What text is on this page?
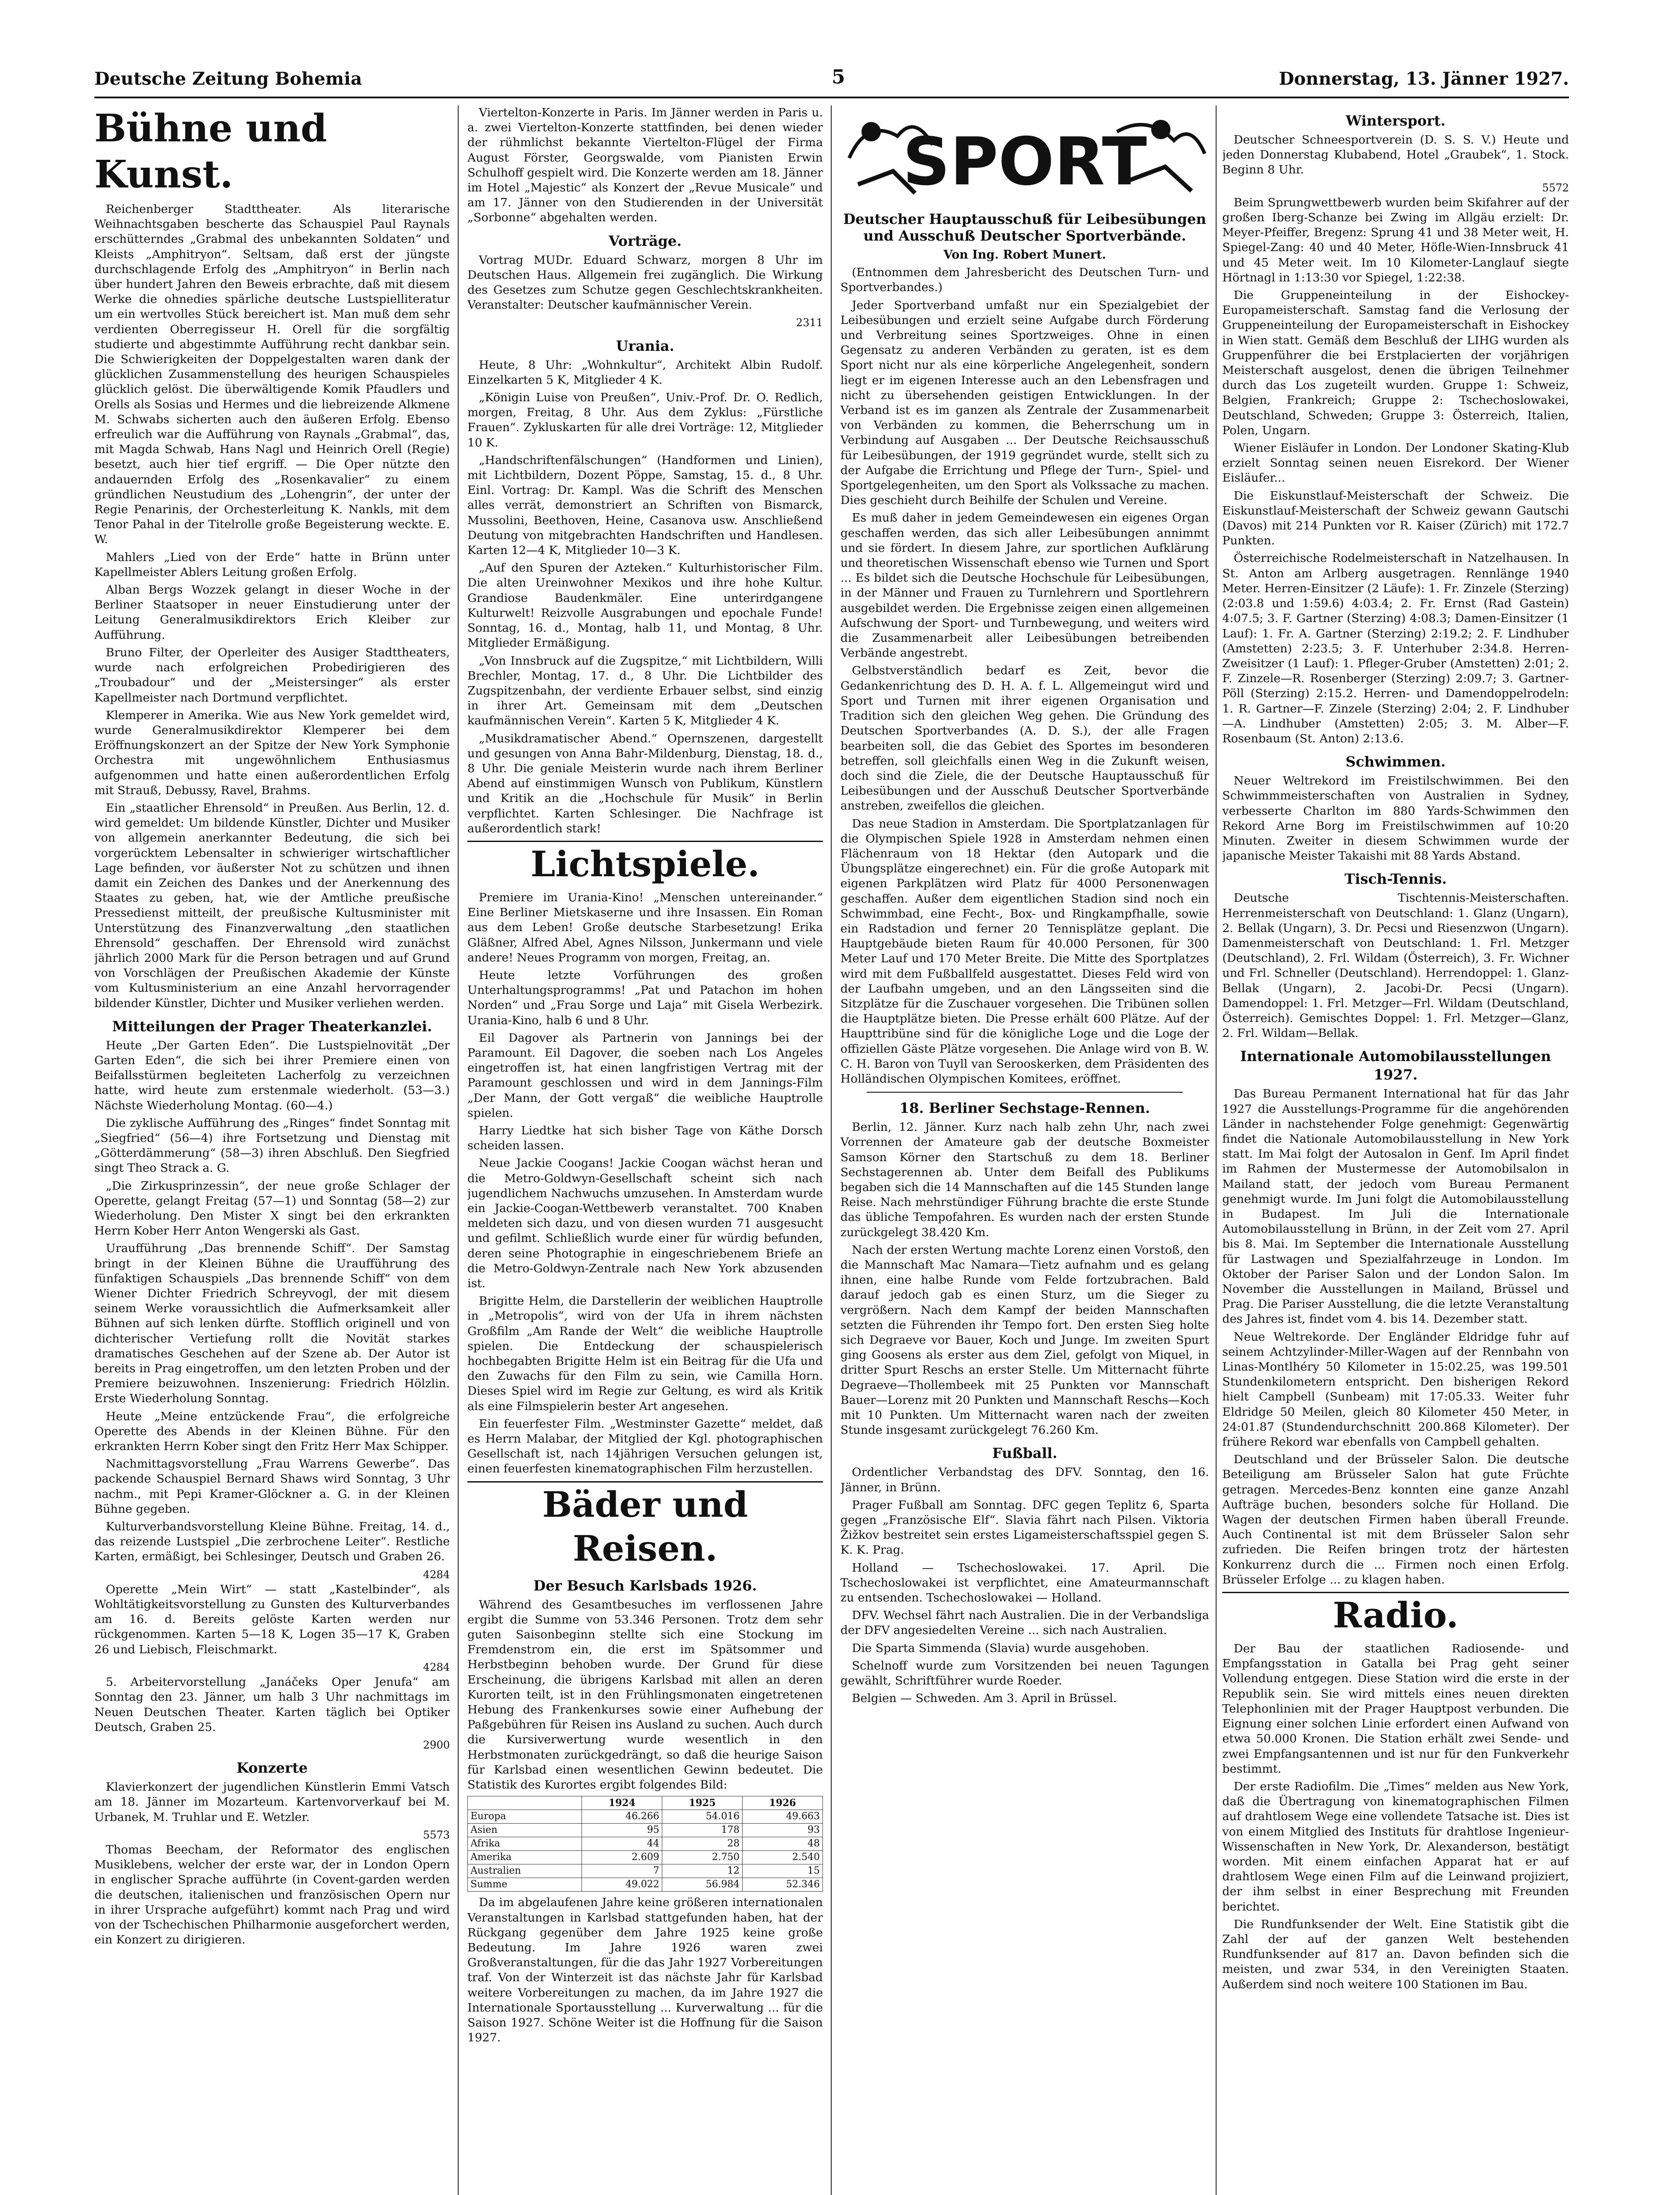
Deutsche Zeitung Bohemia	5	Donnerstag, 13. Jänner 1927.
Bühne und Kunst.

Reichenberger Stadttheater. Als literarische Weihnachtsgaben bescherte das Schauspiel Paul Raynals erschütterndes „Grabmal des unbekannten Soldaten“ und Kleists „Amphitryon“. Seltsam, daß erst der jüngste durchschlagende Erfolg des „Amphitryon“ in Berlin nach über hundert Jahren den Beweis erbrachte, daß mit diesem Werke die ohnedies spärliche deutsche Lustspielliteratur um ein wertvolles Stück bereichert ist. Man muß dem sehr verdienten Oberregisseur H. Orell für die sorgfältig studierte und abgestimmte Aufführung recht dankbar sein. Die Schwierigkeiten der Doppelgestalten waren dank der glücklichen Zusammenstellung des heurigen Schauspieles glücklich gelöst. Die überwältigende Komik Pfaudlers und Orells als Sosias und Hermes und die liebreizende Alkmene M. Schwabs sicherten auch den äußeren Erfolg. Ebenso erfreulich war die Aufführung von Raynals „Grabmal“, das, mit Magda Schwab, Hans Nagl und Heinrich Orell (Regie) besetzt, auch hier tief ergriff. — Die Oper nützte den andauernden Erfolg des „Rosenkavalier“ zu einem gründlichen Neustudium des „Lohengrin“, der unter der Regie Penarinis, der Orchesterleitung K. Nankls, mit dem Tenor Pahal in der Titelrolle große Begeisterung weckte. E. W.

Mahlers „Lied von der Erde“ hatte in Brünn unter Kapellmeister Ablers Leitung großen Erfolg.

Alban Bergs Wozzek gelangt in dieser Woche in der Berliner Staatsoper in neuer Einstudierung unter der Leitung Generalmusikdirektors Erich Kleiber zur Aufführung.

Bruno Filter, der Operleiter des Ausiger Stadttheaters, wurde nach erfolgreichen Probedirigieren des „Troubadour“ und der „Meistersinger“ als erster Kapellmeister nach Dortmund verpflichtet.

Klemperer in Amerika. Wie aus New York gemeldet wird, wurde Generalmusikdirektor Klemperer bei dem Eröffnungskonzert an der Spitze der New York Symphonie Orchestra mit ungewöhnlichem Enthusiasmus aufgenommen und hatte einen außerordentlichen Erfolg mit Strauß, Debussy, Ravel, Brahms.

Ein „staatlicher Ehrensold“ in Preußen. Aus Berlin, 12. d. wird gemeldet: Um bildende Künstler, Dichter und Musiker von allgemein anerkannter Bedeutung, die sich bei vorgerücktem Lebensalter in schwieriger wirtschaftlicher Lage befinden, vor äußerster Not zu schützen und ihnen damit ein Zeichen des Dankes und der Anerkennung des Staates zu geben, hat, wie der Amtliche preußische Pressedienst mitteilt, der preußische Kultusminister mit Unterstützung des Finanzverwaltung „den staatlichen Ehrensold“ geschaffen. Der Ehrensold wird zunächst jährlich 2000 Mark für die Person betragen und auf Grund von Vorschlägen der Preußischen Akademie der Künste vom Kultusministerium an eine Anzahl hervorragender bildender Künstler, Dichter und Musiker verliehen werden.

Mitteilungen der Prager Theaterkanzlei.

Heute „Der Garten Eden“. Die Lustspielnovität „Der Garten Eden“, die sich bei ihrer Premiere einen von Beifallsstürmen begleiteten Lacherfolg zu verzeichnen hatte, wird heute zum erstenmale wiederholt. (53—3.) Nächste Wiederholung Montag. (60—4.)

Die zyklische Aufführung des „Ringes“ findet Sonntag mit „Siegfried“ (56—4) ihre Fortsetzung und Dienstag mit „Götterdämmerung“ (58—3) ihren Abschluß. Den Siegfried singt Theo Strack a. G.

„Die Zirkusprinzessin“, der neue große Schlager der Operette, gelangt Freitag (57—1) und Sonntag (58—2) zur Wiederholung. Den Mister X singt bei den erkrankten Herrn Kober Herr Anton Wengerski als Gast.

Uraufführung „Das brennende Schiff“. Der Samstag bringt in der Kleinen Bühne die Uraufführung des fünfaktigen Schauspiels „Das brennende Schiff“ von dem Wiener Dichter Friedrich Schreyvogl, der mit diesem seinem Werke voraussichtlich die Aufmerksamkeit aller Bühnen auf sich lenken dürfte. Stofflich originell und von dichterischer Vertiefung rollt die Novität starkes dramatisches Geschehen auf der Szene ab. Der Autor ist bereits in Prag eingetroffen, um den letzten Proben und der Premiere beizuwohnen. Inszenierung: Friedrich Hölzlin. Erste Wiederholung Sonntag.

Heute „Meine entzückende Frau“, die erfolgreiche Operette des Abends in der Kleinen Bühne. Für den erkrankten Herrn Kober singt den Fritz Herr Max Schipper.

Nachmittagsvorstellung „Frau Warrens Gewerbe“. Das packende Schauspiel Bernard Shaws wird Sonntag, 3 Uhr nachm., mit Pepi Kramer-Glöckner a. G. in der Kleinen Bühne gegeben.

Kulturverbandsvorstellung Kleine Bühne. Freitag, 14. d., das reizende Lustspiel „Die zerbrochene Leiter“. Restliche Karten, ermäßigt, bei Schlesinger, Deutsch und Graben 26.

4284

Operette „Mein Wirt“ — statt „Kastelbinder“, als Wohltätigkeitsvorstellung zu Gunsten des Kulturverbandes am 16. d. Bereits gelöste Karten werden nur rückgenommen. Karten 5—18 K, Logen 35—17 K, Graben 26 und Liebisch, Fleischmarkt.

4284

5. Arbeitervorstellung „Janáčeks Oper Jenufa“ am Sonntag den 23. Jänner, um halb 3 Uhr nachmittags im Neuen Deutschen Theater. Karten täglich bei Optiker Deutsch, Graben 25.

2900
Konzerte

Klavierkonzert der jugendlichen Künstlerin Emmi Vatsch am 18. Jänner im Mozarteum. Kartenvorverkauf bei M. Urbanek, M. Truhlar und E. Wetzler.

5573

Thomas Beecham, der Reformator des englischen Musiklebens, welcher der erste war, der in London Opern in englischer Sprache aufführte (in Covent-garden werden die deutschen, italienischen und französischen Opern nur in ihrer Ursprache aufgeführt) kommt nach Prag und wird von der Tschechischen Philharmonie ausgeforchert werden, ein Konzert zu dirigieren.

Viertelton-Konzerte in Paris. Im Jänner werden in Paris u. a. zwei Viertelton-Konzerte stattfinden, bei denen wieder der rühmlichst bekannte Viertelton-Flügel der Firma August Förster, Georgswalde, vom Pianisten Erwin Schulhoff gespielt wird. Die Konzerte werden am 18. Jänner im Hotel „Majestic“ als Konzert der „Revue Musicale“ und am 17. Jänner von den Studierenden in der Universität „Sorbonne“ abgehalten werden.

Vorträge.

Vortrag MUDr. Eduard Schwarz, morgen 8 Uhr im Deutschen Haus. Allgemein frei zugänglich. Die Wirkung des Gesetzes zum Schutze gegen Geschlechtskrankheiten. Veranstalter: Deutscher kaufmännischer Verein.

2311
Urania.

Heute, 8 Uhr: „Wohnkultur“, Architekt Albin Rudolf. Einzelkarten 5 K, Mitglieder 4 K.

„Königin Luise von Preußen“, Univ.-Prof. Dr. O. Redlich, morgen, Freitag, 8 Uhr. Aus dem Zyklus: „Fürstliche Frauen“. Zykluskarten für alle drei Vorträge: 12, Mitglieder 10 K.

„Handschriftenfälschungen“ (Handformen und Linien), mit Lichtbildern, Dozent Pöppe, Samstag, 15. d., 8 Uhr. Einl. Vortrag: Dr. Kampl. Was die Schrift des Menschen alles verrät, demonstriert an Schriften von Bismarck, Mussolini, Beethoven, Heine, Casanova usw. Anschließend Deutung von mitgebrachten Handschriften und Handlesen. Karten 12—4 K, Mitglieder 10—3 K.

„Auf den Spuren der Azteken.“ Kulturhistorischer Film. Die alten Ureinwohner Mexikos und ihre hohe Kultur. Grandiose Baudenkmäler. Eine unterirdgangene Kulturwelt! Reizvolle Ausgrabungen und epochale Funde! Sonntag, 16. d., Montag, halb 11, und Montag, 8 Uhr. Mitglieder Ermäßigung.

„Von Innsbruck auf die Zugspitze,“ mit Lichtbildern, Willi Brechler, Montag, 17. d., 8 Uhr. Die Lichtbilder des Zugspitzenbahn, der verdiente Erbauer selbst, sind einzig in ihrer Art. Gemeinsam mit dem „Deutschen kaufmännischen Verein“. Karten 5 K, Mitglieder 4 K.

„Musikdramatischer Abend.“ Opernszenen, dargestellt und gesungen von Anna Bahr-Mildenburg, Dienstag, 18. d., 8 Uhr. Die geniale Meisterin wurde nach ihrem Berliner Abend auf einstimmigen Wunsch von Publikum, Künstlern und Kritik an die „Hochschule für Musik“ in Berlin verpflichtet. Karten Schlesinger. Die Nachfrage ist außerordentlich stark!

Lichtspiele.

Premiere im Urania-Kino! „Menschen untereinander.“ Eine Berliner Mietskaserne und ihre Insassen. Ein Roman aus dem Leben! Große deutsche Starbesetzung! Erika Gläßner, Alfred Abel, Agnes Nilsson, Junkermann und viele andere! Neues Programm von morgen, Freitag, an.

Heute letzte Vorführungen des großen Unterhaltungsprogramms! „Pat und Patachon im hohen Norden“ und „Frau Sorge und Laja“ mit Gisela Werbezirk. Urania-Kino, halb 6 und 8 Uhr.

Eil Dagover als Partnerin von Jannings bei der Paramount. Eil Dagover, die soeben nach Los Angeles eingetroffen ist, hat einen langfristigen Vertrag mit der Paramount geschlossen und wird in dem Jannings-Film „Der Mann, der Gott vergaß“ die weibliche Hauptrolle spielen.

Harry Liedtke hat sich bisher Tage von Käthe Dorsch scheiden lassen.

Neue Jackie Coogans! Jackie Coogan wächst heran und die Metro-Goldwyn-Gesellschaft scheint sich nach jugendlichem Nachwuchs umzusehen. In Amsterdam wurde ein Jackie-Coogan-Wettbewerb veranstaltet. 700 Knaben meldeten sich dazu, und von diesen wurden 71 ausgesucht und gefilmt. Schließlich wurde einer für würdig befunden, deren seine Photographie in eingeschriebenem Briefe an die Metro-Goldwyn-Zentrale nach New York abzusenden ist.

Brigitte Helm, die Darstellerin der weiblichen Hauptrolle in „Metropolis“, wird von der Ufa in ihrem nächsten Großfilm „Am Rande der Welt“ die weibliche Hauptrolle spielen. Die Entdeckung der schauspielerisch hochbegabten Brigitte Helm ist ein Beitrag für die Ufa und den Zuwachs für den Film zu sein, wie Camilla Horn. Dieses Spiel wird im Regie zur Geltung, es wird als Kritik als eine Filmspielerin bester Art angesehen.

Ein feuerfester Film. „Westminster Gazette“ meldet, daß es Herrn Malabar, der Mitglied der Kgl. photographischen Gesellschaft ist, nach 14jährigen Versuchen gelungen ist, einen feuerfesten kinematographischen Film herzustellen.

Bäder und Reisen.
Der Besuch Karlsbads 1926.

Während des Gesamtbesuches im verflossenen Jahre ergibt die Summe von 53.346 Personen. Trotz dem sehr guten Saisonbeginn stellte sich eine Stockung im Fremdenstrom ein, die erst im Spätsommer und Herbstbeginn behoben wurde. Der Grund für diese Erscheinung, die übrigens Karlsbad mit allen an deren Kurorten teilt, ist in den Frühlingsmonaten eingetretenen Hebung des Frankenkurses sowie einer Aufhebung der Paßgebühren für Reisen ins Ausland zu suchen. Auch durch die Kursiverwertung wurde wesentlich in den Herbstmonaten zurückgedrängt, so daß die heurige Saison für Karlsbad einen wesentlichen Gewinn bedeutet. Die Statistik des Kurortes ergibt folgendes Bild:

	1924	1925	1926
Europa	46.266	54.016	49.663
Asien	95	178	93
Afrika	44	28	48
Amerika	2.609	2.750	2.540
Australien	7	12	15
Summe	49.022	56.984	52.346

Da im abgelaufenen Jahre keine größeren internationalen Veranstaltungen in Karlsbad stattgefunden haben, hat der Rückgang gegenüber dem Jahre 1925 keine große Bedeutung. Im Jahre 1926 waren zwei Großveranstaltungen, für die das Jahr 1927 Vorbereitungen traf. Von der Winterzeit ist das nächste Jahr für Karlsbad weitere Vorbereitungen zu machen, da im Jahre 1927 die Internationale Sportausstellung ... Kurverwaltung ... für die Saison 1927. Schöne Weiter ist die Hoffnung für die Saison 1927.

SPORT
Deutscher Hauptausschuß für Leibesübungen und Ausschuß Deutscher Sportverbände.
Von Ing. Robert Munert.

(Entnommen dem Jahresbericht des Deutschen Turn- und Sportverbandes.)

Jeder Sportverband umfaßt nur ein Spezialgebiet der Leibesübungen und erzielt seine Aufgabe durch Förderung und Verbreitung seines Sportzweiges. Ohne in einen Gegensatz zu anderen Verbänden zu geraten, ist es dem Sport nicht nur als eine körperliche Angelegenheit, sondern liegt er im eigenen Interesse auch an den Lebensfragen und nicht zu übersehenden geistigen Entwicklungen. In der Verband ist es im ganzen als Zentrale der Zusammenarbeit von Verbänden zu kommen, die Beherrschung um in Verbindung auf Ausgaben ... Der Deutsche Reichsausschuß für Leibesübungen, der 1919 gegründet wurde, stellt sich zu der Aufgabe die Errichtung und Pflege der Turn-, Spiel- und Sportgelegenheiten, um den Sport als Volkssache zu machen. Dies geschieht durch Beihilfe der Schulen und Vereine.

Es muß daher in jedem Gemeindewesen ein eigenes Organ geschaffen werden, das sich aller Leibesübungen annimmt und sie fördert. In diesem Jahre, zur sportlichen Aufklärung und theoretischen Wissenschaft ebenso wie Turnen und Sport ... Es bildet sich die Deutsche Hochschule für Leibesübungen, in der Männer und Frauen zu Turnlehrern und Sportlehrern ausgebildet werden. Die Ergebnisse zeigen einen allgemeinen Aufschwung der Sport- und Turnbewegung, und weiters wird die Zusammenarbeit aller Leibesübungen betreibenden Verbände angestrebt.

Gelbstverständlich bedarf es Zeit, bevor die Gedankenrichtung des D. H. A. f. L. Allgemeingut wird und Sport und Turnen mit ihrer eigenen Organisation und Tradition sich den gleichen Weg gehen. Die Gründung des Deutschen Sportverbandes (A. D. S.), der alle Fragen bearbeiten soll, die das Gebiet des Sportes im besonderen betreffen, soll gleichfalls einen Weg in die Zukunft weisen, doch sind die Ziele, die der Deutsche Hauptausschuß für Leibesübungen und der Ausschuß Deutscher Sportverbände anstreben, zweifellos die gleichen.

Das neue Stadion in Amsterdam. Die Sportplatzanlagen für die Olympischen Spiele 1928 in Amsterdam nehmen einen Flächenraum von 18 Hektar (den Autopark und die Übungsplätze eingerechnet) ein. Für die große Autopark mit eigenen Parkplätzen wird Platz für 4000 Personenwagen geschaffen. Außer dem eigentlichen Stadion sind noch ein Schwimmbad, eine Fecht-, Box- und Ringkampfhalle, sowie ein Radstadion und ferner 20 Tennisplätze geplant. Die Hauptgebäude bieten Raum für 40.000 Personen, für 300 Meter Lauf und 170 Meter Breite. Die Mitte des Sportplatzes wird mit dem Fußballfeld ausgestattet. Dieses Feld wird von der Laufbahn umgeben, und an den Längsseiten sind die Sitzplätze für die Zuschauer vorgesehen. Die Tribünen sollen die Hauptplätze bieten. Die Presse erhält 600 Plätze. Auf der Haupttribüne sind für die königliche Loge und die Loge der offiziellen Gäste Plätze vorgesehen. Die Anlage wird von B. W. C. H. Baron von Tuyll van Serooskerken, dem Präsidenten des Holländischen Olympischen Komitees, eröffnet.

18. Berliner Sechstage-Rennen.

Berlin, 12. Jänner. Kurz nach halb zehn Uhr, nach zwei Vorrennen der Amateure gab der deutsche Boxmeister Samson Körner den Startschuß zu dem 18. Berliner Sechstagerennen ab. Unter dem Beifall des Publikums begaben sich die 14 Mannschaften auf die 145 Stunden lange Reise. Nach mehrstündiger Führung brachte die erste Stunde das übliche Tempofahren. Es wurden nach der ersten Stunde zurückgelegt 38.420 Km.

Nach der ersten Wertung machte Lorenz einen Vorstoß, den die Mannschaft Mac Namara—Tietz aufnahm und es gelang ihnen, eine halbe Runde vom Felde fortzubrachen. Bald darauf jedoch gab es einen Sturz, um die Sieger zu vergrößern. Nach dem Kampf der beiden Mannschaften setzten die Führenden ihr Tempo fort. Den ersten Sieg holte sich Degraeve vor Bauer, Koch und Junge. Im zweiten Spurt ging Goosens als erster aus dem Ziel, gefolgt von Miquel, in dritter Spurt Reschs an erster Stelle. Um Mitternacht führte Degraeve—Thollembeek mit 25 Punkten vor Mannschaft Bauer—Lorenz mit 20 Punkten und Mannschaft Reschs—Koch mit 10 Punkten. Um Mitternacht waren nach der zweiten Stunde insgesamt zurückgelegt 76.260 Km.

Fußball.

Ordentlicher Verbandstag des DFV. Sonntag, den 16. Jänner, in Brünn.

Prager Fußball am Sonntag. DFC gegen Teplitz 6, Sparta gegen „Französische Elf“. Slavia fährt nach Pilsen. Viktoria Žižkov bestreitet sein erstes Ligameisterschaftsspiel gegen S. K. K. Prag.

Holland — Tschechoslowakei. 17. April. Die Tschechoslowakei ist verpflichtet, eine Amateurmannschaft zu entsenden. Tschechoslowakei — Holland.

DFV. Wechsel fährt nach Australien. Die in der Verbandsliga der DFV angesiedelten Vereine ... sich nach Australien.

Die Sparta Simmenda (Slavia) wurde ausgehoben.

Schelnoff wurde zum Vorsitzenden bei neuen Tagungen gewählt, Schriftführer wurde Roeder.

Belgien — Schweden. Am 3. April in Brüssel.

Wintersport.

Deutscher Schneesportverein (D. S. S. V.) Heute und jeden Donnerstag Klubabend, Hotel „Graubek“, 1. Stock. Beginn 8 Uhr.

5572

Beim Sprungwettbewerb wurden beim Skifahrer auf der großen Iberg-Schanze bei Zwing im Allgäu erzielt: Dr. Meyer-Pfeiffer, Bregenz: Sprung 41 und 38 Meter weit, H. Spiegel-Zang: 40 und 40 Meter, Höfle-Wien-Innsbruck 41 und 45 Meter weit. Im 10 Kilometer-Langlauf siegte Hörtnagl in 1:13:30 vor Spiegel, 1:22:38.

Die Gruppeneinteilung in der Eishockey-Europameisterschaft. Samstag fand die Verlosung der Gruppeneinteilung der Europameisterschaft in Eishockey in Wien statt. Gemäß dem Beschluß der LIHG wurden als Gruppenführer die bei Erstplacierten der vorjährigen Meisterschaft ausgelost, denen die übrigen Teilnehmer durch das Los zugeteilt wurden. Gruppe 1: Schweiz, Belgien, Frankreich; Gruppe 2: Tschechoslowakei, Deutschland, Schweden; Gruppe 3: Österreich, Italien, Polen, Ungarn.

Wiener Eisläufer in London. Der Londoner Skating-Klub erzielt Sonntag seinen neuen Eisrekord. Der Wiener Eisläufer...

Die Eiskunstlauf-Meisterschaft der Schweiz. Die Eiskunstlauf-Meisterschaft der Schweiz gewann Gautschi (Davos) mit 214 Punkten vor R. Kaiser (Zürich) mit 172.7 Punkten.

Österreichische Rodelmeisterschaft in Natzelhausen. In St. Anton am Arlberg ausgetragen. Rennlänge 1940 Meter. Herren-Einsitzer (2 Läufe): 1. Fr. Zinzele (Sterzing) (2:03.8 und 1:59.6) 4:03.4; 2. Fr. Ernst (Rad Gastein) 4:07.5; 3. F. Gartner (Sterzing) 4:08.3; Damen-Einsitzer (1 Lauf): 1. Fr. A. Gartner (Sterzing) 2:19.2; 2. F. Lindhuber (Amstetten) 2:23.5; 3. F. Unterhuber 2:34.8. Herren-Zweisitzer (1 Lauf): 1. Pfleger-Gruber (Amstetten) 2:01; 2. F. Zinzele—R. Rosenberger (Sterzing) 2:09.7; 3. Gartner-Pöll (Sterzing) 2:15.2. Herren- und Damendoppelrodeln: 1. R. Gartner—F. Zinzele (Sterzing) 2:04; 2. F. Lindhuber—A. Lindhuber (Amstetten) 2:05; 3. M. Alber—F. Rosenbaum (St. Anton) 2:13.6.

Schwimmen.

Neuer Weltrekord im Freistilschwimmen. Bei den Schwimmmeisterschaften von Australien in Sydney, verbesserte Charlton im 880 Yards-Schwimmen den Rekord Arne Borg im Freistilschwimmen auf 10:20 Minuten. Zweiter in diesem Schwimmen wurde der japanische Meister Takaishi mit 88 Yards Abstand.

Tisch-Tennis.

Deutsche Tischtennis-Meisterschaften. Herrenmeisterschaft von Deutschland: 1. Glanz (Ungarn), 2. Bellak (Ungarn), 3. Dr. Pecsi und Riesenzwon (Ungarn). Damenmeisterschaft von Deutschland: 1. Frl. Metzger (Deutschland), 2. Frl. Wildam (Österreich), 3. Fr. Wichner und Frl. Schneller (Deutschland). Herrendoppel: 1. Glanz-Bellak (Ungarn), 2. Jacobi-Dr. Pecsi (Ungarn). Damendoppel: 1. Frl. Metzger—Frl. Wildam (Deutschland, Österreich). Gemischtes Doppel: 1. Frl. Metzger—Glanz, 2. Frl. Wildam—Bellak.

Internationale Automobilausstellungen 1927.

Das Bureau Permanent International hat für das Jahr 1927 die Ausstellungs-Programme für die angehörenden Länder in nachstehender Folge genehmigt: Gegenwärtig findet die Nationale Automobilausstellung in New York statt. Im Mai folgt der Autosalon in Genf. Im April findet im Rahmen der Mustermesse der Automobilsalon in Mailand statt, der jedoch vom Bureau Permanent genehmigt wurde. Im Juni folgt die Automobilausstellung in Budapest. Im Juli die Internationale Automobilausstellung in Brünn, in der Zeit vom 27. April bis 8. Mai. Im September die Internationale Ausstellung für Lastwagen und Spezialfahrzeuge in London. Im Oktober der Pariser Salon und der London Salon. Im November die Ausstellungen in Mailand, Brüssel und Prag. Die Pariser Ausstellung, die die letzte Veranstaltung des Jahres ist, findet vom 4. bis 14. Dezember statt.

Neue Weltrekorde. Der Engländer Eldridge fuhr auf seinem Achtzylinder-Miller-Wagen auf der Rennbahn von Linas-Montlhéry 50 Kilometer in 15:02.25, was 199.501 Stundenkilometern entspricht. Den bisherigen Rekord hielt Campbell (Sunbeam) mit 17:05.33. Weiter fuhr Eldridge 50 Meilen, gleich 80 Kilometer 450 Meter, in 24:01.87 (Stundendurchschnitt 200.868 Kilometer). Der frühere Rekord war ebenfalls von Campbell gehalten.

Deutschland und der Brüsseler Salon. Die deutsche Beteiligung am Brüsseler Salon hat gute Früchte getragen. Mercedes-Benz konnten eine ganze Anzahl Aufträge buchen, besonders solche für Holland. Die Wagen der deutschen Firmen haben überall Freunde. Auch Continental ist mit dem Brüsseler Salon sehr zufrieden. Die Reifen bringen trotz der härtesten Konkurrenz durch die ... Firmen noch einen Erfolg. Brüsseler Erfolge ... zu klagen haben.

Radio.

Der Bau der staatlichen Radiosende- und Empfangsstation in Gatalla bei Prag geht seiner Vollendung entgegen. Diese Station wird die erste in der Republik sein. Sie wird mittels eines neuen direkten Telephonlinien mit der Prager Hauptpost verbunden. Die Eignung einer solchen Linie erfordert einen Aufwand von etwa 50.000 Kronen. Die Station erhält zwei Sende- und zwei Empfangsantennen und ist nur für den Funkverkehr bestimmt.

Der erste Radiofilm. Die „Times“ melden aus New York, daß die Übertragung von kinematographischen Filmen auf drahtlosem Wege eine vollendete Tatsache ist. Dies ist von einem Mitglied des Instituts für drahtlose Ingenieur-Wissenschaften in New York, Dr. Alexanderson, bestätigt worden. Mit einem einfachen Apparat hat er auf drahtlosem Wege einen Film auf die Leinwand projiziert, der ihm selbst in einer Besprechung mit Freunden berichtet.

Die Rundfunksender der Welt. Eine Statistik gibt die Zahl der auf der ganzen Welt bestehenden Rundfunksender auf 817 an. Davon befinden sich die meisten, und zwar 534, in den Vereinigten Staaten. Außerdem sind noch weitere 100 Stationen im Bau.
